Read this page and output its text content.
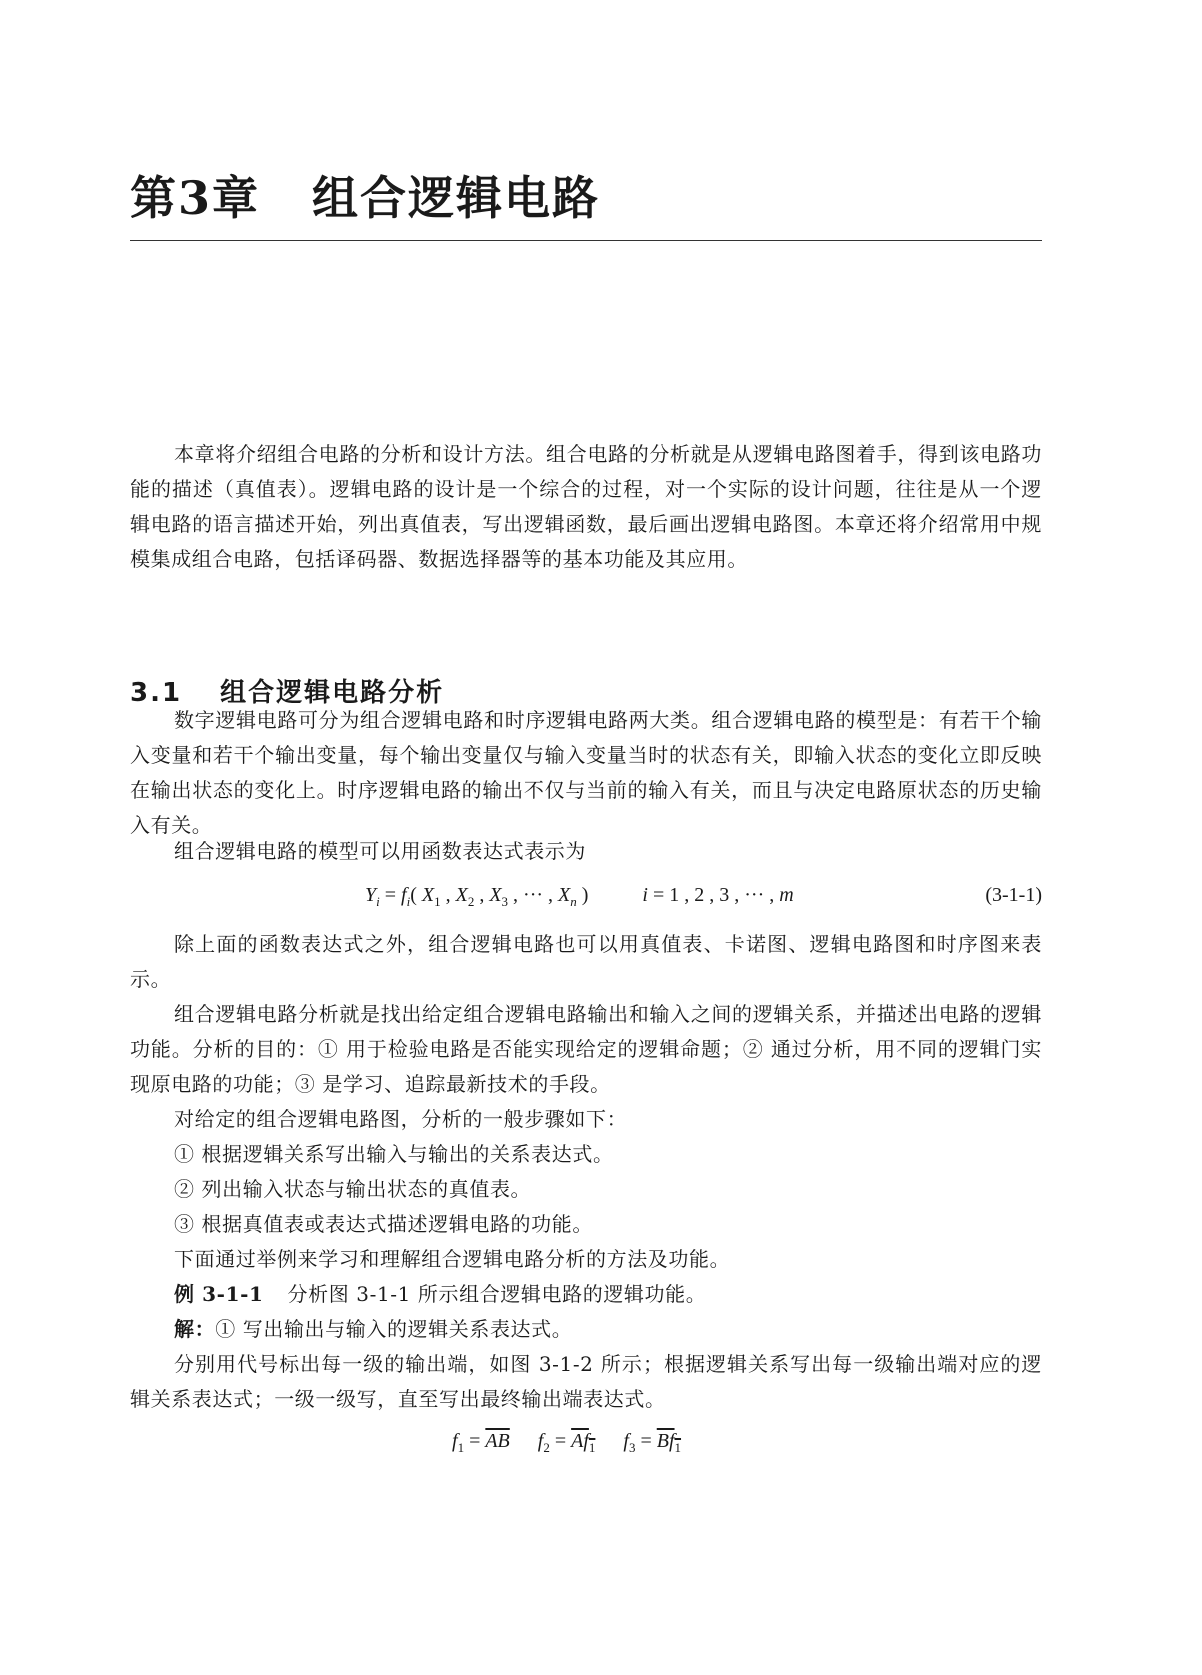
第3章 组合逻辑电路
本章将介绍组合电路的分析和设计方法。组合电路的分析就是从逻辑电路图着手，得到该电路功能的描述（真值表）。逻辑电路的设计是一个综合的过程，对一个实际的设计问题，往往是从一个逻辑电路的语言描述开始，列出真值表，写出逻辑函数，最后画出逻辑电路图。本章还将介绍常用中规模集成组合电路，包括译码器、数据选择器等的基本功能及其应用。
3.1 组合逻辑电路分析
数字逻辑电路可分为组合逻辑电路和时序逻辑电路两大类。组合逻辑电路的模型是：有若干个输入变量和若干个输出变量，每个输出变量仅与输入变量当时的状态有关，即输入状态的变化立即反映在输出状态的变化上。时序逻辑电路的输出不仅与当前的输入有关，而且与决定电路原状态的历史输入有关。
组合逻辑电路的模型可以用函数表达式表示为
$Y_i = f_i$( $X_1$ , $X_2$ , $X_3$ , ··· , $X_n$ )	i = 1 , 2 , 3 , ··· , m	(3-1-1)
除上面的函数表达式之外，组合逻辑电路也可以用真值表、卡诺图、逻辑电路图和时序图来表示。
组合逻辑电路分析就是找出给定组合逻辑电路输出和输入之间的逻辑关系，并描述出电路的逻辑功能。分析的目的：① 用于检验电路是否能实现给定的逻辑命题；② 通过分析，用不同的逻辑门实现原电路的功能；③ 是学习、追踪最新技术的手段。
对给定的组合逻辑电路图，分析的一般步骤如下：
① 根据逻辑关系写出输入与输出的关系表达式。
② 列出输入状态与输出状态的真值表。
③ 根据真值表或表达式描述逻辑电路的功能。
下面通过举例来学习和理解组合逻辑电路分析的方法及功能。
例 3-1-1 分析图 3-1-1 所示组合逻辑电路的逻辑功能。
解：① 写出输出与输入的逻辑关系表达式。
分别用代号标出每一级的输出端，如图 3-1-2 所示；根据逻辑关系写出每一级输出端对应的逻辑关系表达式；一级一级写，直至写出最终输出端表达式。
$f_1 = \overline{AB}$ $f_2 = Af_1$ $f_3 = Bf_1$
